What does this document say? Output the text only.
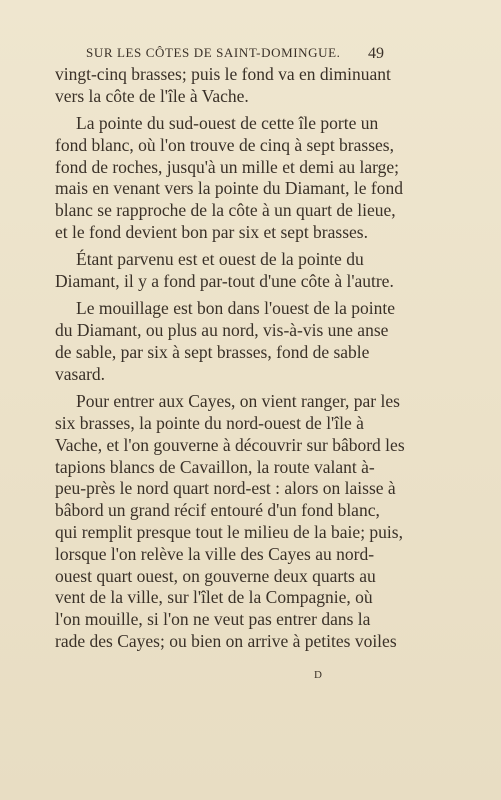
SUR LES CÔTES DE SAINT-DOMINGUE. 49
vingt-cinq brasses; puis le fond va en diminuant
vers la côte de l'île à Vache.
La pointe du sud-ouest de cette île porte un
fond blanc, où l'on trouve de cinq à sept brasses,
fond de roches, jusqu'à un mille et demi au large;
mais en venant vers la pointe du Diamant, le fond
blanc se rapproche de la côte à un quart de lieue,
et le fond devient bon par six et sept brasses.
Étant parvenu est et ouest de la pointe du
Diamant, il y a fond par-tout d'une côte à l'autre.
Le mouillage est bon dans l'ouest de la pointe
du Diamant, ou plus au nord, vis-à-vis une anse
de sable, par six à sept brasses, fond de sable
vasard.
Pour entrer aux Cayes, on vient ranger, par les
six brasses, la pointe du nord-ouest de l'île à
Vache, et l'on gouverne à découvrir sur bâbord les
tapions blancs de Cavaillon, la route valant à-
peu-près le nord quart nord-est : alors on laisse à
bâbord un grand récif entouré d'un fond blanc,
qui remplit presque tout le milieu de la baie; puis,
lorsque l'on relève la ville des Cayes au nord-
ouest quart ouest, on gouverne deux quarts au
vent de la ville, sur l'îlet de la Compagnie, où
l'on mouille, si l'on ne veut pas entrer dans la
rade des Cayes; ou bien on arrive à petites voiles
D
